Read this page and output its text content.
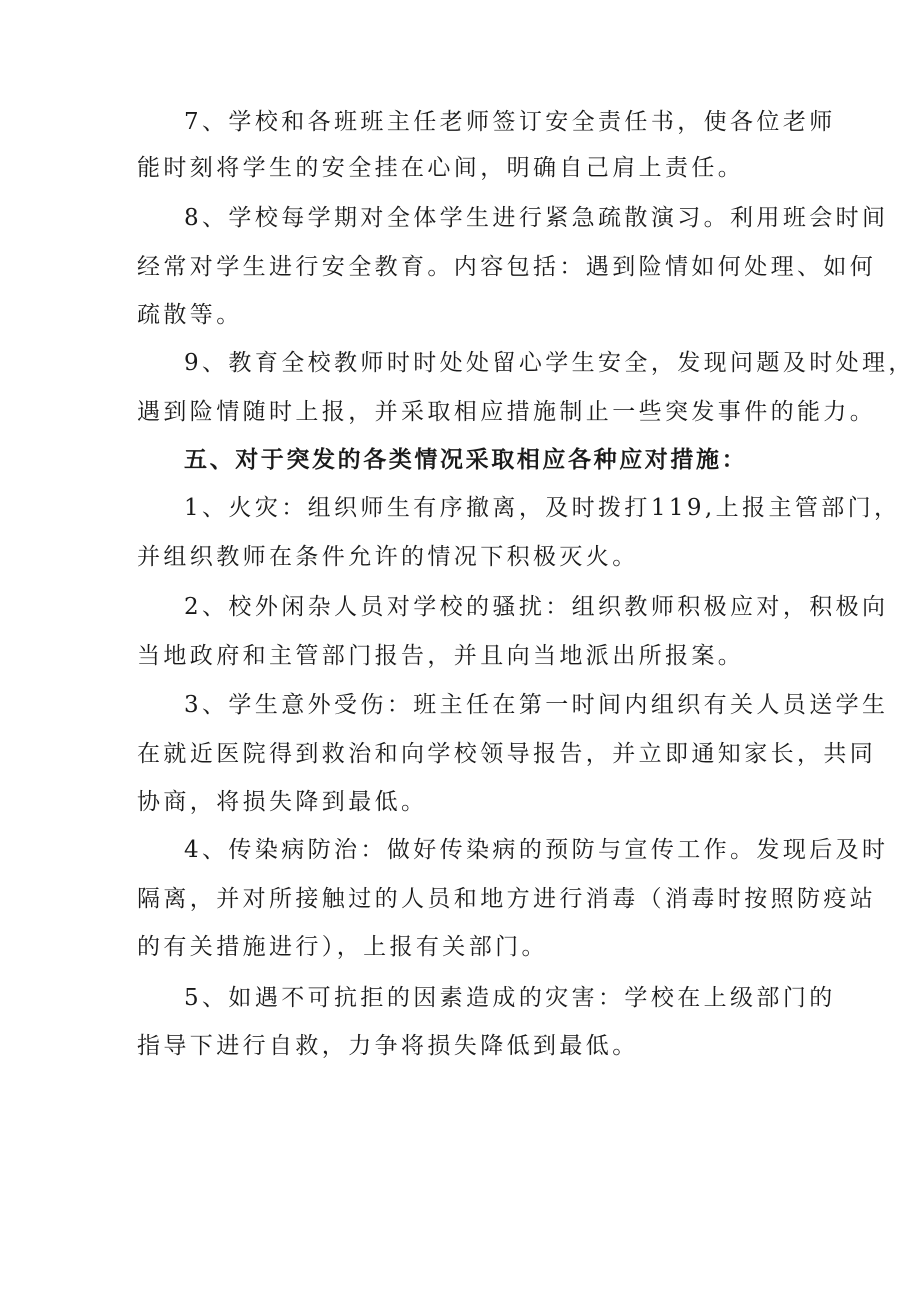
7、学校和各班班主任老师签订安全责任书，使各位老师
能时刻将学生的安全挂在心间，明确自己肩上责任。
8、学校每学期对全体学生进行紧急疏散演习。利用班会时间
经常对学生进行安全教育。内容包括：遇到险情如何处理、如何
疏散等。
9、教育全校教师时时处处留心学生安全，发现问题及时处理，
遇到险情随时上报，并采取相应措施制止一些突发事件的能力。
五、对于突发的各类情况采取相应各种应对措施：
1、火灾：组织师生有序撤离，及时拨打119,上报主管部门，
并组织教师在条件允许的情况下积极灭火。
2、校外闲杂人员对学校的骚扰：组织教师积极应对，积极向
当地政府和主管部门报告，并且向当地派出所报案。
3、学生意外受伤：班主任在第一时间内组织有关人员送学生
在就近医院得到救治和向学校领导报告，并立即通知家长，共同
协商，将损失降到最低。
4、传染病防治：做好传染病的预防与宣传工作。发现后及时
隔离，并对所接触过的人员和地方进行消毒（消毒时按照防疫站
的有关措施进行），上报有关部门。
5、如遇不可抗拒的因素造成的灾害：学校在上级部门的
指导下进行自救，力争将损失降低到最低。
